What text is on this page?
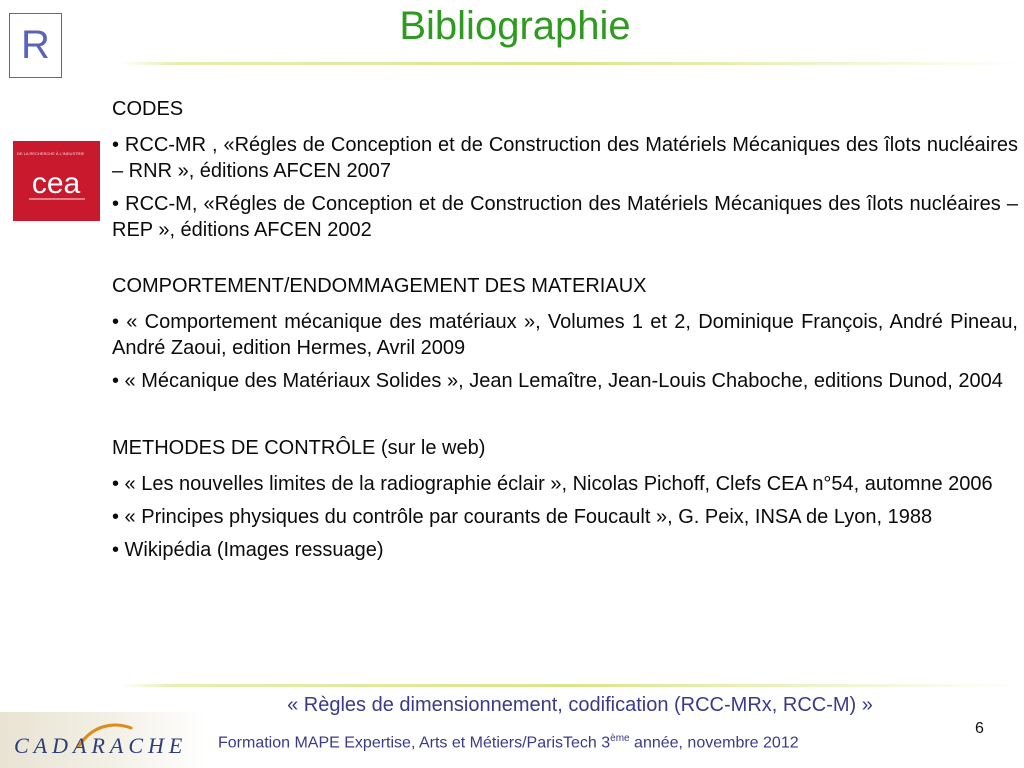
R	Bibliographie
DE LA RECHERCHE À L'INDUSTRIE
cea
CODES
• RCC-MR , «Régles de Conception et de Construction des Matériels Mécaniques des îlots nucléaires – RNR », éditions AFCEN 2007
• RCC-M, «Régles de Conception et de Construction des Matériels Mécaniques des îlots nucléaires –REP », éditions AFCEN 2002
COMPORTEMENT/ENDOMMAGEMENT DES MATERIAUX
• « Comportement mécanique des matériaux », Volumes 1 et 2, Dominique François, André Pineau, André Zaoui, edition Hermes, Avril 2009
• « Mécanique des Matériaux Solides », Jean Lemaître, Jean-Louis Chaboche, editions Dunod, 2004
METHODES DE CONTRÔLE (sur le web)
• « Les nouvelles limites de la radiographie éclair », Nicolas Pichoff, Clefs CEA n°54, automne 2006
• « Principes physiques du contrôle par courants de Foucault », G. Peix, INSA de Lyon, 1988
• Wikipédia (Images ressuage)
CADARACHE
« Règles de dimensionnement, codification (RCC-MRx, RCC-M) »
Formation MAPE Expertise, Arts et Métiers/ParisTech 3ème année, novembre 2012
6
